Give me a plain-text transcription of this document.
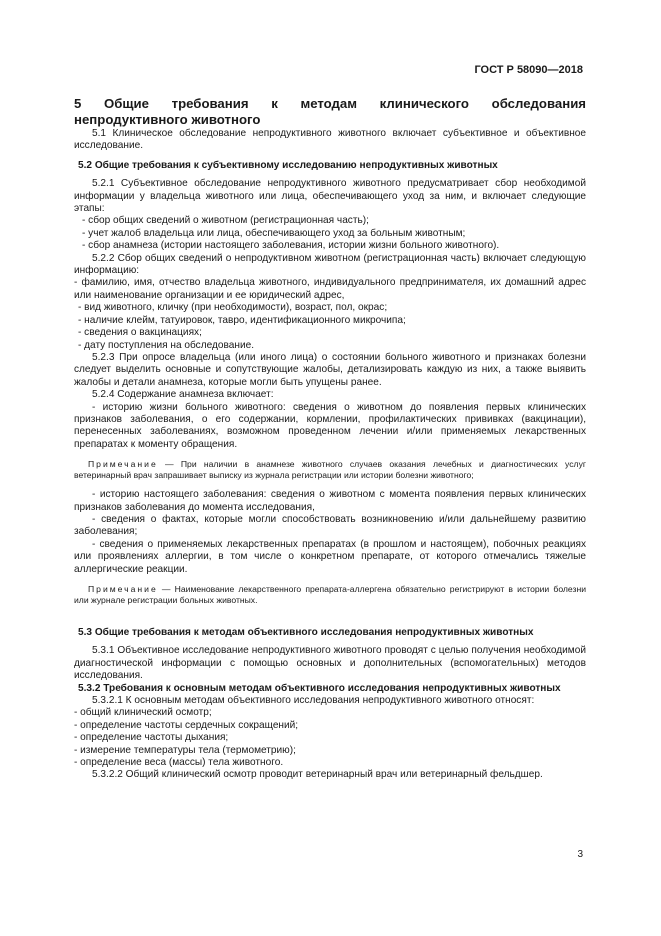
ГОСТ Р 58090—2018

5 Общие требования к методам клинического обследования непродуктивного животного

5.1 Клиническое обследование непродуктивного животного включает субъективное и объективное исследование.

5.2 Общие требования к субъективному исследованию непродуктивных животных

5.2.1 Субъективное обследование непродуктивного животного предусматривает сбор необходимой информации у владельца животного или лица, обеспечивающего уход за ним, и включает следующие этапы:

- сбор общих сведений о животном (регистрационная часть);

- учет жалоб владельца или лица, обеспечивающего уход за больным животным;

- сбор анамнеза (истории настоящего заболевания, истории жизни больного животного).

5.2.2 Сбор общих сведений о непродуктивном животном (регистрационная часть) включает следующую информацию:

- фамилию, имя, отчество владельца животного, индивидуального предпринимателя, их домашний адрес или наименование организации и ее юридический адрес,

- вид животного, кличку (при необходимости), возраст, пол, окрас;

- наличие клейм, татуировок, тавро, идентификационного микрочипа;

- сведения о вакцинациях;

- дату поступления на обследование.

5.2.3 При опросе владельца (или иного лица) о состоянии больного животного и признаках болезни следует выделить основные и сопутствующие жалобы, детализировать каждую из них, а также выявить жалобы и детали анамнеза, которые могли быть упущены ранее.

5.2.4 Содержание анамнеза включает:

- историю жизни больного животного: сведения о животном до появления первых клинических признаков заболевания, о его содержании, кормлении, профилактических прививках (вакцинации), перенесенных заболеваниях, возможном проведенном лечении и/или применяемых лекарственных препаратах к моменту обращения.

Примечание — При наличии в анамнезе животного случаев оказания лечебных и диагностических услуг ветеринарный врач запрашивает выписку из журнала регистрации или истории болезни животного;

- историю настоящего заболевания: сведения о животном с момента появления первых клинических признаков заболевания до момента исследования,

- сведения о фактах, которые могли способствовать возникновению и/или дальнейшему развитию заболевания;

- сведения о применяемых лекарственных препаратах (в прошлом и настоящем), побочных реакциях или проявлениях аллергии, в том числе о конкретном препарате, от которого отмечались тяжелые аллергические реакции.

Примечание — Наименование лекарственного препарата-аллергена обязательно регистрируют в истории болезни или журнале регистрации больных животных.

5.3 Общие требования к методам объективного исследования непродуктивных животных

5.3.1 Объективное исследование непродуктивного животного проводят с целью получения необходимой диагностической информации с помощью основных и дополнительных (вспомогательных) методов исследования.

5.3.2 Требования к основным методам объективного исследования непродуктивных животных

5.3.2.1 К основным методам объективного исследования непродуктивного животного относят:

- общий клинический осмотр;

- определение частоты сердечных сокращений;

- определение частоты дыхания;

- измерение температуры тела (термометрию);

- определение веса (массы) тела животного.

5.3.2.2 Общий клинический осмотр проводит ветеринарный врач или ветеринарный фельдшер.

3
